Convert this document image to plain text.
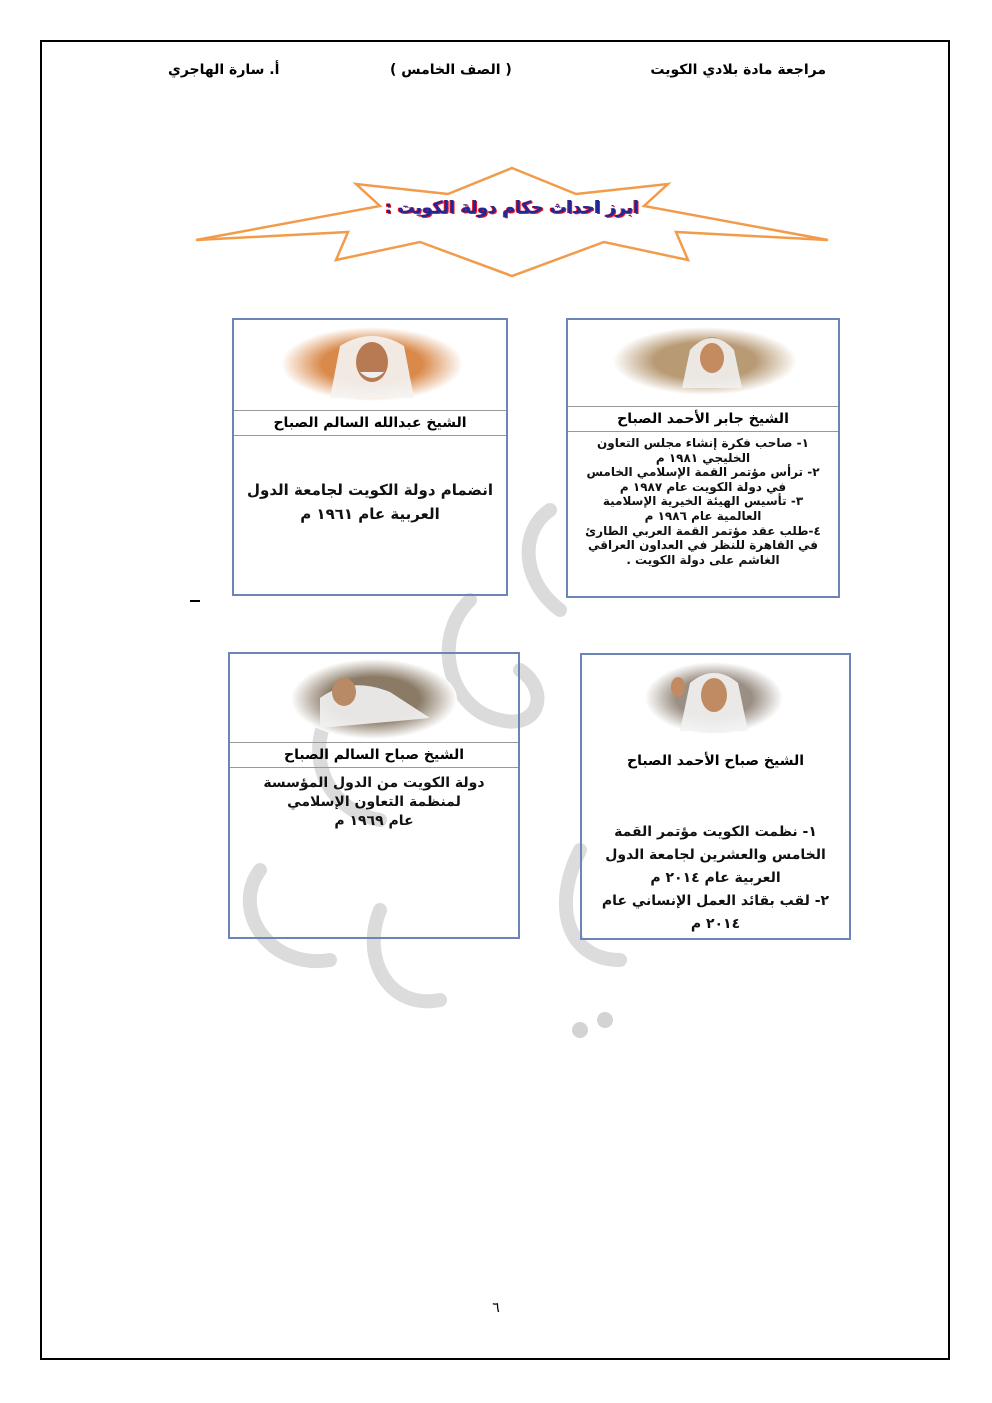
مراجعة مادة بلادي الكويت
( الصف الخامس )
أ. سارة الهاجري
ابرز احداث حكام دولة الكويت :
الشيخ جابر الأحمد الصباح

١- صاحب فكرة إنشاء مجلس التعاون

الخليجي ١٩٨١ م

٢- ترأس مؤتمر القمة الإسلامي الخامس

في دولة الكويت عام ١٩٨٧ م

٣- تأسيس الهيئة الخيرية الإسلامية

العالمية عام ١٩٨٦ م

٤-طلب عقد مؤتمر القمة العربي الطارئ

في القاهرة للنظر في العداون العراقي

الغاشم على دولة الكويت .

الشيخ عبدالله السالم الصباح

انضمام دولة الكويت لجامعة الدول

العربية عام ١٩٦١ م

الشيخ صباح الأحمد الصباح

١- نظمت الكويت مؤتمر القمة

الخامس والعشرين لجامعة الدول

العربية عام ٢٠١٤ م

٢- لقب بقائد العمل الإنساني عام

٢٠١٤ م

الشيخ صباح السالم الصباح

دولة الكويت من الدول المؤسسة

لمنظمة التعاون الإسلامي

عام ١٩٦٩ م

٦
